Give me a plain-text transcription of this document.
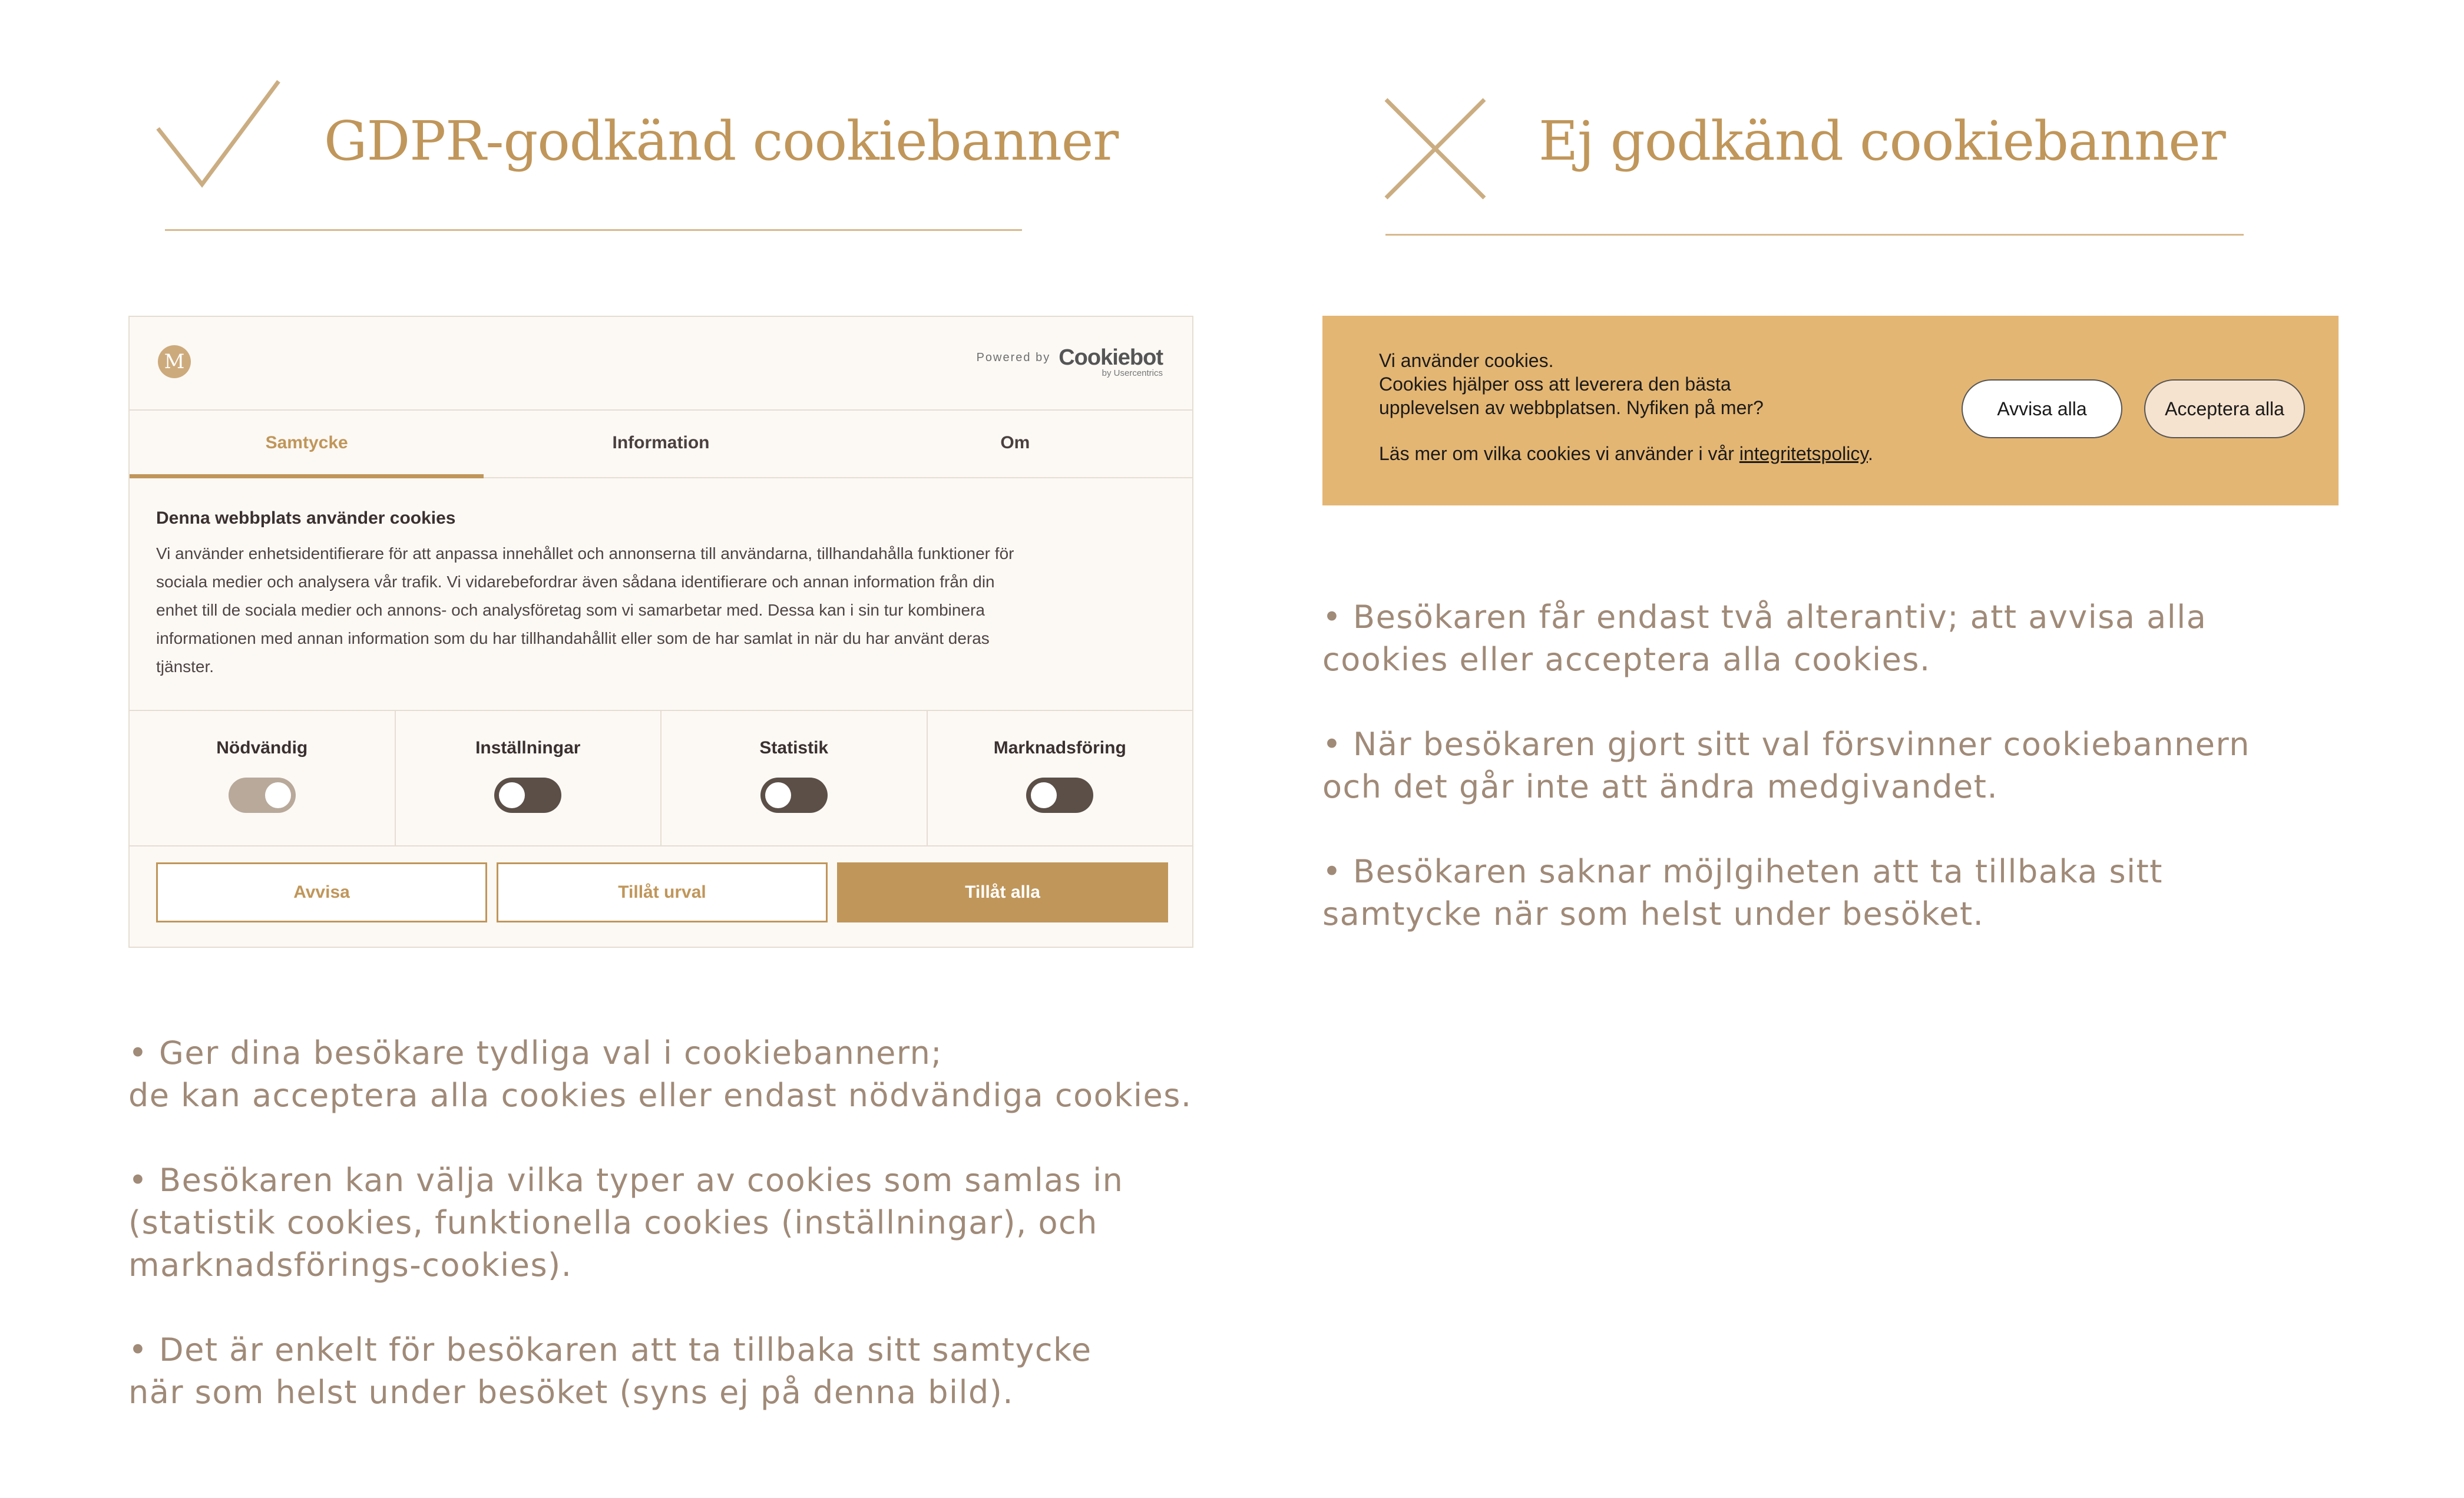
GDPR-godkänd cookiebanner	Ej godkänd cookiebanner
M	Powered by Cookiebot
by Usercentrics
Samtycke	Information	Om
Denna webbplats använder cookies
Vi använder enhetsidentifierare för att anpassa innehållet och annonserna till användarna, tillhandahålla funktioner för
sociala medier och analysera vår trafik. Vi vidarebefordrar även sådana identifierare och annan information från din
enhet till de sociala medier och annons- och analysföretag som vi samarbetar med. Dessa kan i sin tur kombinera
informationen med annan information som du har tillhandahållit eller som de har samlat in när du har använt deras
tjänster.
Nödvändig	Inställningar	Statistik	Marknadsföring
Avvisa	Tillåt urval	Tillåt alla
Vi använder cookies.
Cookies hjälper oss att leverera den bästa
upplevelsen av webbplatsen. Nyfiken på mer?
Läs mer om vilka cookies vi använder i vår integritetspolicy.
Avvisa alla	Acceptera alla

• Besökaren får endast två alterantiv; att avvisa alla
cookies eller acceptera alla cookies.

• När besökaren gjort sitt val försvinner cookiebannern
och det går inte att ändra medgivandet.

• Besökaren saknar möjlgiheten att ta tillbaka sitt
samtycke när som helst under besöket.

• Ger dina besökare tydliga val i cookiebannern;
de kan acceptera alla cookies eller endast nödvändiga cookies.

• Besökaren kan välja vilka typer av cookies som samlas in
(statistik cookies, funktionella cookies (inställningar), och
marknadsförings-cookies).

• Det är enkelt för besökaren att ta tillbaka sitt samtycke
när som helst under besöket (syns ej på denna bild).
